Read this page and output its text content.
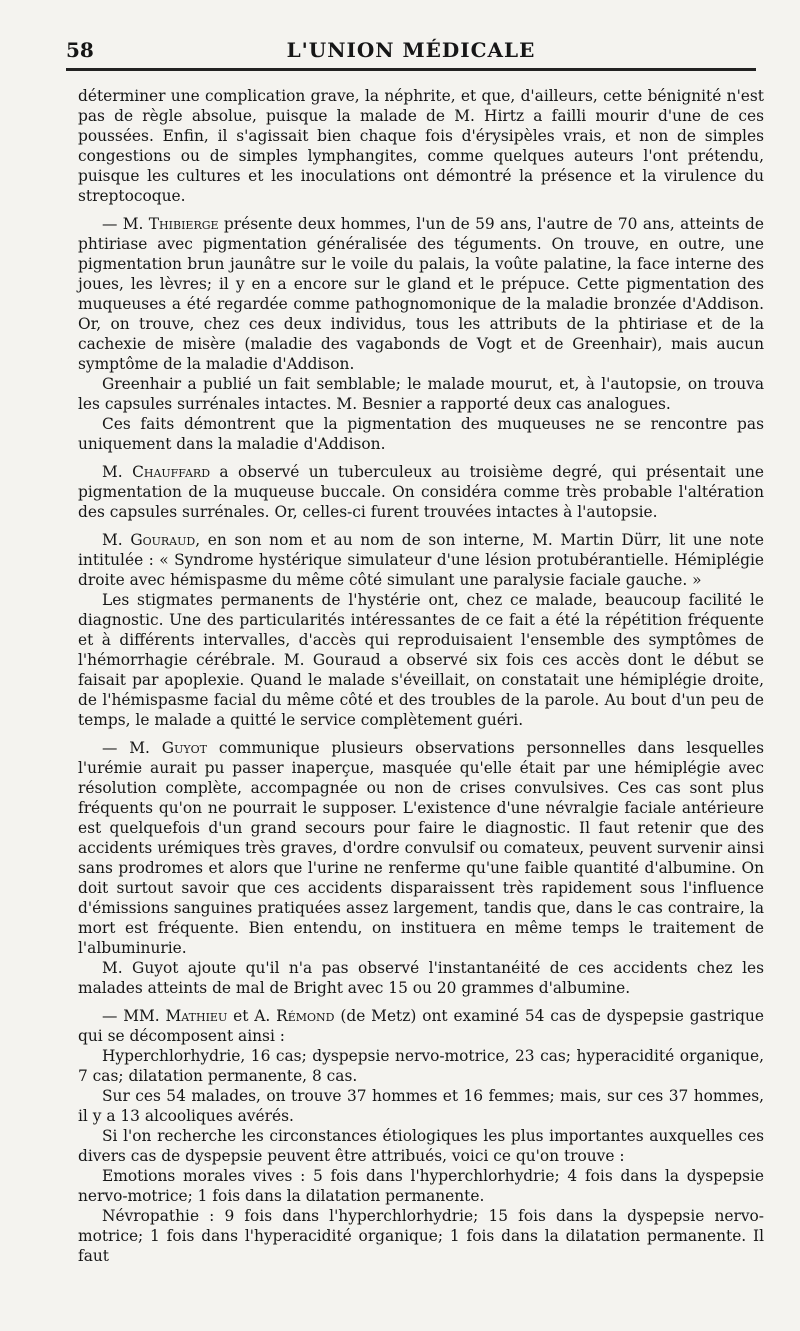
58	L'UNION MÉDICALE

déterminer une complication grave, la néphrite, et que, d'ailleurs, cette bénignité n'est pas de règle absolue, puisque la malade de M. Hirtz a failli mourir d'une de ces poussées. Enfin, il s'agissait bien chaque fois d'érysipèles vrais, et non de simples congestions ou de simples lymphangites, comme quelques auteurs l'ont prétendu, puisque les cultures et les inoculations ont démontré la présence et la virulence du streptocoque.

— M. Thibierge présente deux hommes, l'un de 59 ans, l'autre de 70 ans, atteints de phtiriase avec pigmentation généralisée des téguments. On trouve, en outre, une pigmentation brun jaunâtre sur le voile du palais, la voûte palatine, la face interne des joues, les lèvres; il y en a encore sur le gland et le prépuce. Cette pigmentation des muqueuses a été regardée comme pathognomonique de la maladie bronzée d'Addison. Or, on trouve, chez ces deux individus, tous les attributs de la phtiriase et de la cachexie de misère (maladie des vagabonds de Vogt et de Greenhair), mais aucun symptôme de la maladie d'Addison.

Greenhair a publié un fait semblable; le malade mourut, et, à l'autopsie, on trouva les capsules surrénales intactes. M. Besnier a rapporté deux cas analogues.

Ces faits démontrent que la pigmentation des muqueuses ne se rencontre pas uniquement dans la maladie d'Addison.

M. Chauffard a observé un tuberculeux au troisième degré, qui présentait une pigmentation de la muqueuse buccale. On considéra comme très probable l'altération des capsules surrénales. Or, celles-ci furent trouvées intactes à l'autopsie.

M. Gouraud, en son nom et au nom de son interne, M. Martin Dürr, lit une note intitulée : « Syndrome hystérique simulateur d'une lésion protubérantielle. Hémiplégie droite avec hémispasme du même côté simulant une paralysie faciale gauche. »

Les stigmates permanents de l'hystérie ont, chez ce malade, beaucoup facilité le diagnostic. Une des particularités intéressantes de ce fait a été la répétition fréquente et à différents intervalles, d'accès qui reproduisaient l'ensemble des symptômes de l'hémorrhagie cérébrale. M. Gouraud a observé six fois ces accès dont le début se faisait par apoplexie. Quand le malade s'éveillait, on constatait une hémiplégie droite, de l'hémispasme facial du même côté et des troubles de la parole. Au bout d'un peu de temps, le malade a quitté le service complètement guéri.

— M. Guyot communique plusieurs observations personnelles dans lesquelles l'urémie aurait pu passer inaperçue, masquée qu'elle était par une hémiplégie avec résolution complète, accompagnée ou non de crises convulsives. Ces cas sont plus fréquents qu'on ne pourrait le supposer. L'existence d'une névralgie faciale antérieure est quelquefois d'un grand secours pour faire le diagnostic. Il faut retenir que des accidents urémiques très graves, d'ordre convulsif ou comateux, peuvent survenir ainsi sans prodromes et alors que l'urine ne renferme qu'une faible quantité d'albumine. On doit surtout savoir que ces accidents disparaissent très rapidement sous l'influence d'émissions sanguines pratiquées assez largement, tandis que, dans le cas contraire, la mort est fréquente. Bien entendu, on instituera en même temps le traitement de l'albuminurie.

M. Guyot ajoute qu'il n'a pas observé l'instantanéité de ces accidents chez les malades atteints de mal de Bright avec 15 ou 20 grammes d'albumine.

— MM. Mathieu et A. Rémond (de Metz) ont examiné 54 cas de dyspepsie gastrique qui se décomposent ainsi :

Hyperchlorhydrie, 16 cas; dyspepsie nervo-motrice, 23 cas; hyperacidité organique, 7 cas; dilatation permanente, 8 cas.

Sur ces 54 malades, on trouve 37 hommes et 16 femmes; mais, sur ces 37 hommes, il y a 13 alcooliques avérés.

Si l'on recherche les circonstances étiologiques les plus importantes auxquelles ces divers cas de dyspepsie peuvent être attribués, voici ce qu'on trouve :

Emotions morales vives : 5 fois dans l'hyperchlorhydrie; 4 fois dans la dyspepsie nervo-motrice; 1 fois dans la dilatation permanente.

Névropathie : 9 fois dans l'hyperchlorhydrie; 15 fois dans la dyspepsie nervo-motrice; 1 fois dans l'hyperacidité organique; 1 fois dans la dilatation permanente. Il faut
